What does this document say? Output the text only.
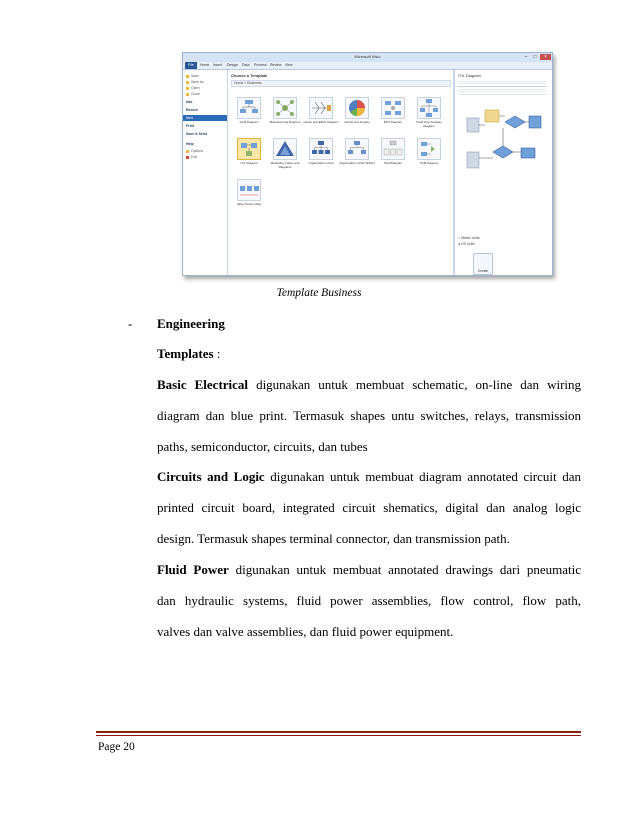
Microsoft Visio	–	□	×
File	Home Insert Design Data Process Review View
Save
Save As
Open
Close
Info
Recent
New
Print
Save & Send
Help
Options
Exit
Choose a Template
Home > Business
Audit Diagram	Brainstorming Diagram	Cause and Effect Diagram	Charts and Graphs	EPC Diagram	Fault Tree Analysis Diagram
ITIL Diagram	Marketing Charts and Diagrams
Organization Chart	Organization Chart Wizard	PivotDiagram	TQM Diagram
Value Stream Map
ITIL Diagram
○ Metric Units
● US Units
Create
Template Business
- Engineering
Templates :
Basic Electrical digunakan untuk membuat schematic, on-line dan wiring
diagram dan blue print. Termasuk shapes untu switches, relays, transmission
paths, semiconductor, circuits, dan tubes
Circuits and Logic digunakan untuk membuat diagram annotated circuit dan
printed circuit board, integrated circuit shematics, digital dan analog logic
design. Termasuk shapes terminal connector, dan transmission path.
Fluid Power digunakan untuk membuat annotated drawings dari pneumatic
dan hydraulic systems, fluid power assemblies, flow control, flow path,
valves dan valve assemblies, dan fluid power equipment.
Page 20
